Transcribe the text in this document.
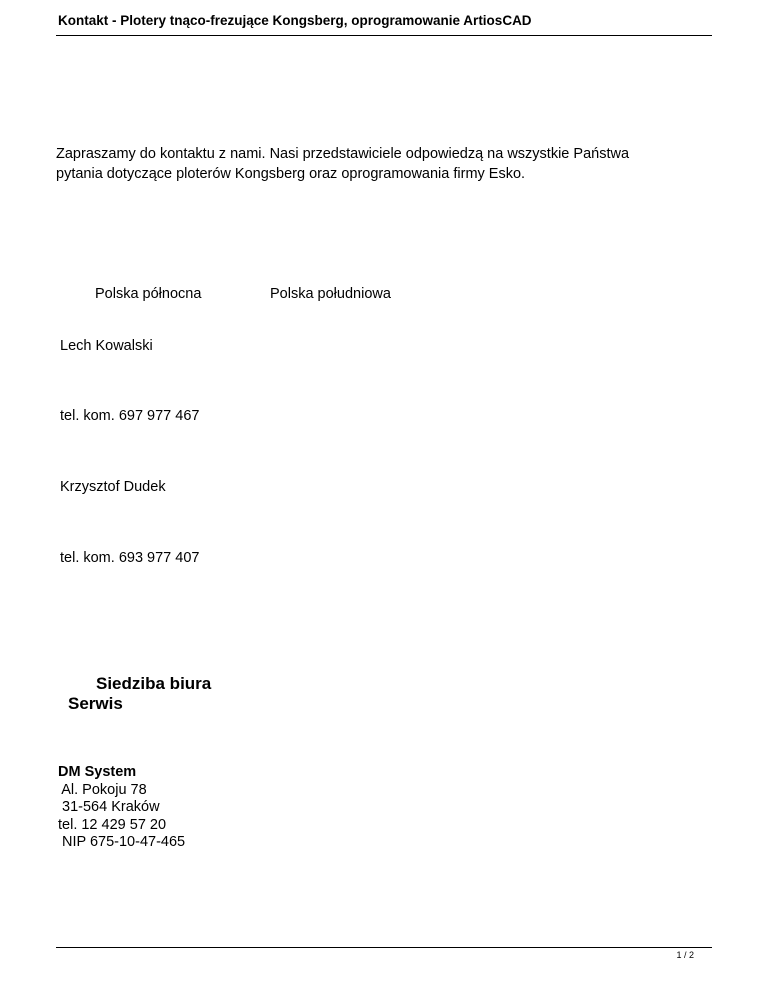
Kontakt - Plotery tnąco-frezujące Kongsberg, oprogramowanie ArtiosCAD
Zapraszamy do kontaktu z nami. Nasi przedstawiciele odpowiedzą na wszystkie Państwa
pytania dotyczące ploterów Kongsberg oraz oprogramowania firmy Esko.
Polska północna	Polska południowa
Lech Kowalski
tel. kom. 697 977 467
Krzysztof Dudek
tel. kom. 693 977 407
Siedziba biura
Serwis
DM System
Al. Pokoju 78
31-564 Kraków
tel. 12 429 57 20
NIP 675-10-47-465
1 / 2
